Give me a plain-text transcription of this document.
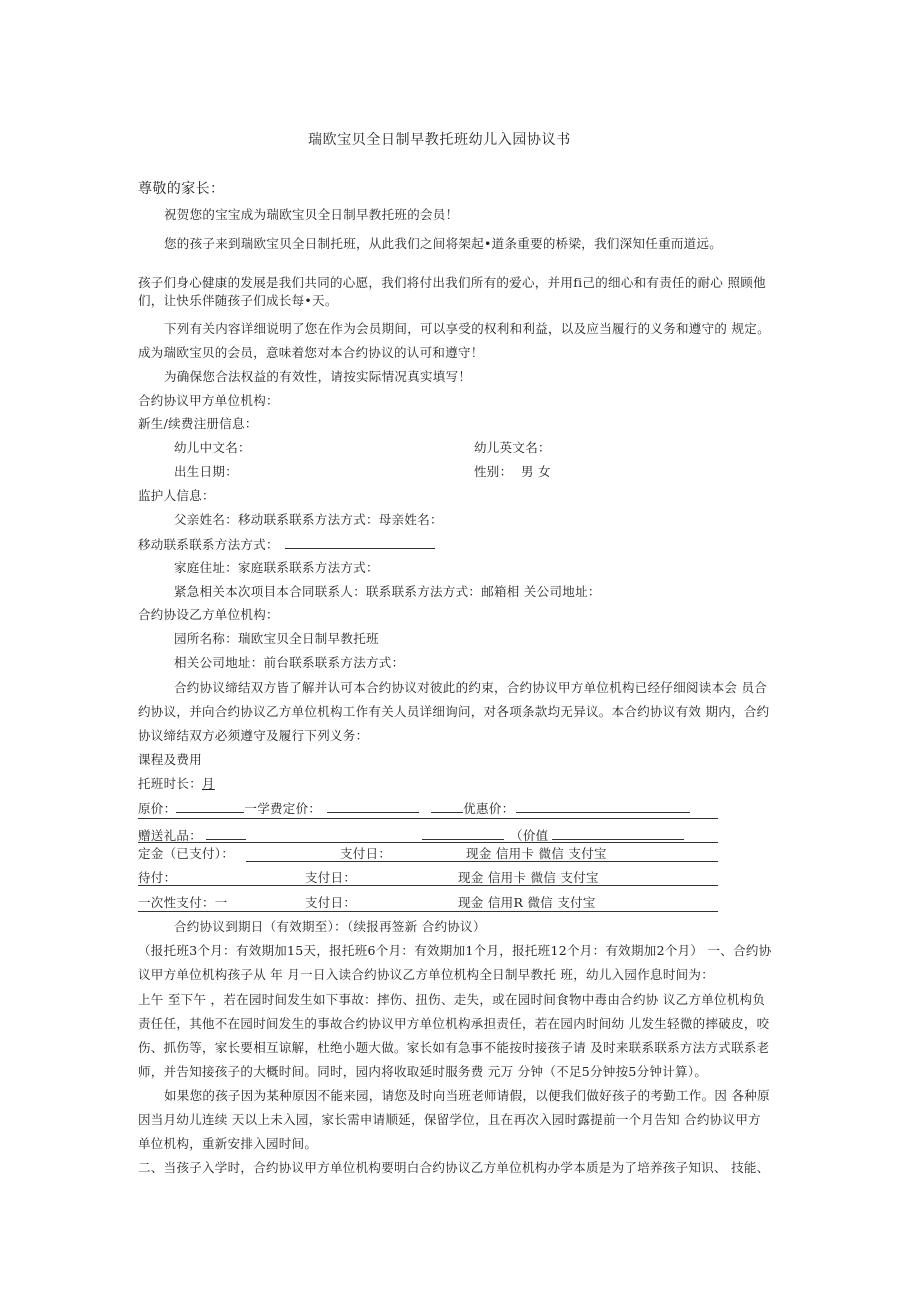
瑞欧宝贝全日制早教托班幼儿入园协议书
尊敬的家长：
祝贺您的宝宝成为瑞欧宝贝全日制早教托班的会员！
您的孩子来到瑞欧宝贝全日制托班，从此我们之间将架起•道条重要的桥梁，我们深知任重而道远。
孩子们身心健康的发展是我们共同的心愿，我们将付出我们所有的爱心，并用fi己的细心和有责任的耐心 照顾他
们，让快乐伴随孩子们成长每•天。
下列有关内容详细说明了您在作为会员期间，可以享受的权利和利益，以及应当履行的义务和遵守的 规定。
成为瑞欧宝贝的会员，意味着您对本合约协议的认可和遵守！
为确保您合法权益的有效性，请按实际情况真实填写！
合约协议甲方单位机构：
新生/续费注册信息：
幼儿中文名：	幼儿英文名：
出生日期：	性别： 男 女
监护人信息：
父亲姓名：移动联系联系方法方式：母亲姓名：
移动联系联系方法方式：
家庭住址：家庭联系联系方法方式：
紧急相关本次项目本合同联系人：联系联系方法方式：邮箱相 关公司地址：
合约协设乙方单位机构：
园所名称：瑞欧宝贝全日制早教托班
相关公司地址：前台联系联系方法方式：
合约协议缔结双方皆了解并认可本合约协议对彼此的约束，合约协议甲方单位机构已经仔细阅读本会 员合
约协议，并向合约协议乙方单位机构工作有关人员详细询问，对各项条款均无异议。本合约协议有效 期内，合约
协议缔结双方必须遵守及履行下列义务：
课程及费用
托班时长：月
原价：	一学费定价：	优惠价：
赠送礼品：	（价值
定金（已支付）：	支付日：	现金 信用卡 微信 支付宝
待付：	支付日：	现金 信用卡 微信 支付宝
一次性支付：一	支付日：	现金 信用R 微信 支付宝
合约协议到期日（有效期至）：（续报再签新 合约协议）
（报托班3个月：有效期加15天，报托班6个月：有效期加1个月，报托班12个月：有效期加2个月） 一、合约协
议甲方单位机构孩子从 年 月一日入读合约协议乙方单位机构全日制早教托 班，幼儿入园作息时间为：
上午 至下午 ，若在园时间发生如下事故：摔伤、扭伤、走失，或在园时间食物中毒由合约协 议乙方单位机构负
责任任，其他不在园时间发生的事故合约协议甲方单位机构承担责任，若在园内时间幼 儿发生轻微的摔破皮，咬
伤、抓伤等，家长要相互谅解，杜绝小题大做。家长如有急事不能按时接孩子请 及时来联系联系方法方式联系老
师，并告知接孩子的大概时间。同时，园内将收取延时服务费 元万 分钟（不足5分钟按5分钟计算）。
如果您的孩子因为某种原因不能来园，请您及时向当班老师请假，以便我们做好孩子的考勤工作。因 各种原
因当月幼儿连续 天以上未入园，家长需申请顺延，保留学位，且在再次入园时露提前一个月告知 合约协议甲方
单位机构，重新安排入园时间。
二、当孩子入学时，合约协议甲方单位机构要明白合约协议乙方单位机构办学本质是为了培养孩子知识、 技能、
